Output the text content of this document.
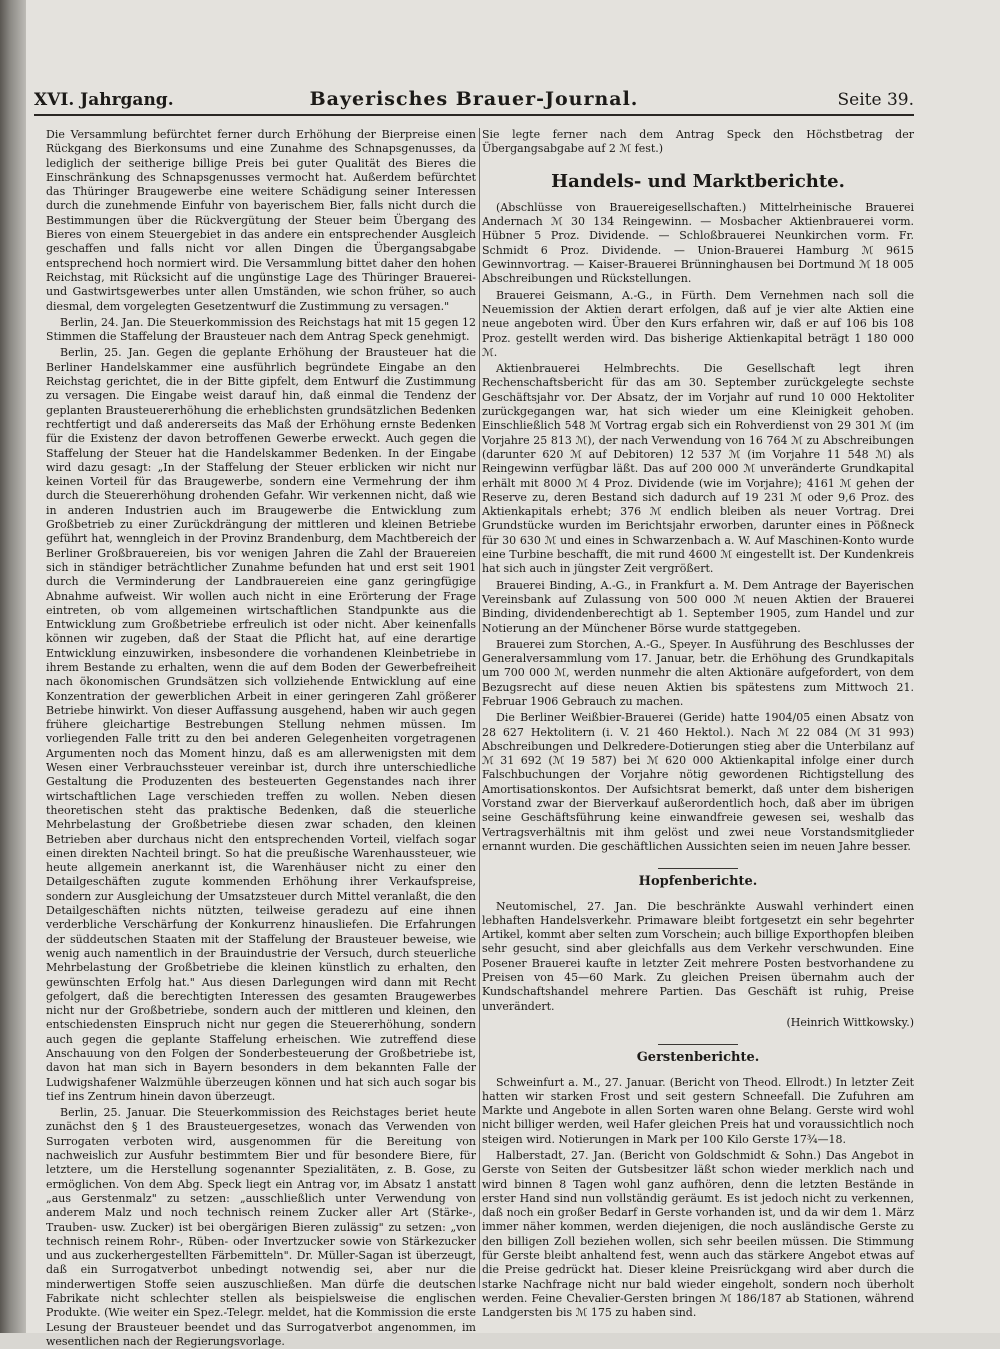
XVI. Jahrgang.	Bayerisches Brauer-Journal.	Seite 39.

Die Versammlung befürchtet ferner durch Erhöhung der Bierpreise einen Rückgang des Bierkonsums und eine Zunahme des Schnapsgenusses, da lediglich der seitherige billige Preis bei guter Qualität des Bieres die Einschränkung des Schnapsgenusses vermocht hat. Außerdem befürchtet das Thüringer Braugewerbe eine weitere Schädigung seiner Interessen durch die zunehmende Einfuhr von bayerischem Bier, falls nicht durch die Bestimmungen über die Rückvergütung der Steuer beim Übergang des Bieres von einem Steuergebiet in das andere ein entsprechender Ausgleich geschaffen und falls nicht vor allen Dingen die Übergangsabgabe entsprechend hoch normiert wird. Die Versammlung bittet daher den hohen Reichstag, mit Rücksicht auf die ungünstige Lage des Thüringer Brauerei- und Gastwirtsgewerbes unter allen Umständen, wie schon früher, so auch diesmal, dem vorgelegten Gesetzentwurf die Zustimmung zu versagen."

Berlin, 24. Jan. Die Steuerkommission des Reichstags hat mit 15 gegen 12 Stimmen die Staffelung der Brausteuer nach dem Antrag Speck genehmigt.

Berlin, 25. Jan. Gegen die geplante Erhöhung der Brausteuer hat die Berliner Handelskammer eine ausführlich begründete Eingabe an den Reichstag gerichtet, die in der Bitte gipfelt, dem Entwurf die Zustimmung zu versagen. Die Eingabe weist darauf hin, daß einmal die Tendenz der geplanten Brausteuererhöhung die erheblichsten grundsätzlichen Bedenken rechtfertigt und daß andererseits das Maß der Erhöhung ernste Bedenken für die Existenz der davon betroffenen Gewerbe erweckt. Auch gegen die Staffelung der Steuer hat die Handelskammer Bedenken. In der Eingabe wird dazu gesagt: „In der Staffelung der Steuer erblicken wir nicht nur keinen Vorteil für das Braugewerbe, sondern eine Vermehrung der ihm durch die Steuererhöhung drohenden Gefahr. Wir verkennen nicht, daß wie in anderen Industrien auch im Braugewerbe die Entwicklung zum Großbetrieb zu einer Zurückdrängung der mittleren und kleinen Betriebe geführt hat, wenngleich in der Provinz Brandenburg, dem Machtbereich der Berliner Großbrauereien, bis vor wenigen Jahren die Zahl der Brauereien sich in ständiger beträchtlicher Zunahme befunden hat und erst seit 1901 durch die Verminderung der Landbrauereien eine ganz geringfügige Abnahme aufweist. Wir wollen auch nicht in eine Erörterung der Frage eintreten, ob vom allgemeinen wirtschaftlichen Standpunkte aus die Entwicklung zum Großbetriebe erfreulich ist oder nicht. Aber keinenfalls können wir zugeben, daß der Staat die Pflicht hat, auf eine derartige Entwicklung einzuwirken, insbesondere die vorhandenen Kleinbetriebe in ihrem Bestande zu erhalten, wenn die auf dem Boden der Gewerbefreiheit nach ökonomischen Grundsätzen sich vollziehende Entwicklung auf eine Konzentration der gewerblichen Arbeit in einer geringeren Zahl größerer Betriebe hinwirkt. Von dieser Auffassung ausgehend, haben wir auch gegen frühere gleichartige Bestrebungen Stellung nehmen müssen. Im vorliegenden Falle tritt zu den bei anderen Gelegenheiten vorgetragenen Argumenten noch das Moment hinzu, daß es am allerwenigsten mit dem Wesen einer Verbrauchssteuer vereinbar ist, durch ihre unterschiedliche Gestaltung die Produzenten des besteuerten Gegenstandes nach ihrer wirtschaftlichen Lage verschieden treffen zu wollen. Neben diesen theoretischen steht das praktische Bedenken, daß die steuerliche Mehrbelastung der Großbetriebe diesen zwar schaden, den kleinen Betrieben aber durchaus nicht den entsprechenden Vorteil, vielfach sogar einen direkten Nachteil bringt. So hat die preußische Warenhaussteuer, wie heute allgemein anerkannt ist, die Warenhäuser nicht zu einer den Detailgeschäften zugute kommenden Erhöhung ihrer Verkaufspreise, sondern zur Ausgleichung der Umsatzsteuer durch Mittel veranlaßt, die den Detailgeschäften nichts nützten, teilweise geradezu auf eine ihnen verderbliche Verschärfung der Konkurrenz hinausliefen. Die Erfahrungen der süddeutschen Staaten mit der Staffelung der Brausteuer beweise, wie wenig auch namentlich in der Brauindustrie der Versuch, durch steuerliche Mehrbelastung der Großbetriebe die kleinen künstlich zu erhalten, den gewünschten Erfolg hat." Aus diesen Darlegungen wird dann mit Recht gefolgert, daß die berechtigten Interessen des gesamten Braugewerbes nicht nur der Großbetriebe, sondern auch der mittleren und kleinen, den entschiedensten Einspruch nicht nur gegen die Steuererhöhung, sondern auch gegen die geplante Staffelung erheischen. Wie zutreffend diese Anschauung von den Folgen der Sonderbesteuerung der Großbetriebe ist, davon hat man sich in Bayern besonders in dem bekannten Falle der Ludwigshafener Walzmühle überzeugen können und hat sich auch sogar bis tief ins Zentrum hinein davon überzeugt.

Berlin, 25. Januar. Die Steuerkommission des Reichstages beriet heute zunächst den § 1 des Brausteuergesetzes, wonach das Verwenden von Surrogaten verboten wird, ausgenommen für die Bereitung von nachweislich zur Ausfuhr bestimmtem Bier und für besondere Biere, für letztere, um die Herstellung sogenannter Spezialitäten, z. B. Gose, zu ermöglichen. Von dem Abg. Speck liegt ein Antrag vor, im Absatz 1 anstatt „aus Gerstenmalz" zu setzen: „ausschließlich unter Verwendung von anderem Malz und noch technisch reinem Zucker aller Art (Stärke-, Trauben- usw. Zucker) ist bei obergärigen Bieren zulässig" zu setzen: „von technisch reinem Rohr-, Rüben- oder Invertzucker sowie von Stärkezucker und aus zuckerhergestellten Färbemitteln". Dr. Müller-Sagan ist überzeugt, daß ein Surrogatverbot unbedingt notwendig sei, aber nur die minderwertigen Stoffe seien auszuschließen. Man dürfe die deutschen Fabrikate nicht schlechter stellen als beispielsweise die englischen Produkte. (Wie weiter ein Spez.-Telegr. meldet, hat die Kommission die erste Lesung der Brausteuer beendet und das Surrogatverbot angenommen, im wesentlichen nach der Regierungsvorlage.

Sie legte ferner nach dem Antrag Speck den Höchstbetrag der Übergangsabgabe auf 2 ℳ fest.)

Handels- und Marktberichte.

(Abschlüsse von Brauereigesellschaften.) Mittelrheinische Brauerei Andernach ℳ 30 134 Reingewinn. — Mosbacher Aktienbrauerei vorm. Hübner 5 Proz. Dividende. — Schloßbrauerei Neunkirchen vorm. Fr. Schmidt 6 Proz. Dividende. — Union-Brauerei Hamburg ℳ 9615 Gewinnvortrag. — Kaiser-Brauerei Brünninghausen bei Dortmund ℳ 18 005 Abschreibungen und Rückstellungen.

Brauerei Geismann, A.-G., in Fürth. Dem Vernehmen nach soll die Neuemission der Aktien derart erfolgen, daß auf je vier alte Aktien eine neue angeboten wird. Über den Kurs erfahren wir, daß er auf 106 bis 108 Proz. gestellt werden wird. Das bisherige Aktienkapital beträgt 1 180 000 ℳ.

Aktienbrauerei Helmbrechts. Die Gesellschaft legt ihren Rechenschaftsbericht für das am 30. September zurückgelegte sechste Geschäftsjahr vor. Der Absatz, der im Vorjahr auf rund 10 000 Hektoliter zurückgegangen war, hat sich wieder um eine Kleinigkeit gehoben. Einschließlich 548 ℳ Vortrag ergab sich ein Rohverdienst von 29 301 ℳ (im Vorjahre 25 813 ℳ), der nach Verwendung von 16 764 ℳ zu Abschreibungen (darunter 620 ℳ auf Debitoren) 12 537 ℳ (im Vorjahre 11 548 ℳ) als Reingewinn verfügbar läßt. Das auf 200 000 ℳ unveränderte Grundkapital erhält mit 8000 ℳ 4 Proz. Dividende (wie im Vorjahre); 4161 ℳ gehen der Reserve zu, deren Bestand sich dadurch auf 19 231 ℳ oder 9,6 Proz. des Aktienkapitals erhebt; 376 ℳ endlich bleiben als neuer Vortrag. Drei Grundstücke wurden im Berichtsjahr erworben, darunter eines in Pößneck für 30 630 ℳ und eines in Schwarzenbach a. W. Auf Maschinen-Konto wurde eine Turbine beschafft, die mit rund 4600 ℳ eingestellt ist. Der Kundenkreis hat sich auch in jüngster Zeit vergrößert.

Brauerei Binding, A.-G., in Frankfurt a. M. Dem Antrage der Bayerischen Vereinsbank auf Zulassung von 500 000 ℳ neuen Aktien der Brauerei Binding, dividendenberechtigt ab 1. September 1905, zum Handel und zur Notierung an der Münchener Börse wurde stattgegeben.

Brauerei zum Storchen, A.-G., Speyer. In Ausführung des Beschlusses der Generalversammlung vom 17. Januar, betr. die Erhöhung des Grundkapitals um 700 000 ℳ, werden nunmehr die alten Aktionäre aufgefordert, von dem Bezugsrecht auf diese neuen Aktien bis spätestens zum Mittwoch 21. Februar 1906 Gebrauch zu machen.

Die Berliner Weißbier-Brauerei (Geride) hatte 1904/05 einen Absatz von 28 627 Hektolitern (i. V. 21 460 Hektol.). Nach ℳ 22 084 (ℳ 31 993) Abschreibungen und Delkredere-Dotierungen stieg aber die Unterbilanz auf ℳ 31 692 (ℳ 19 587) bei ℳ 620 000 Aktienkapital infolge einer durch Falschbuchungen der Vorjahre nötig gewordenen Richtigstellung des Amortisationskontos. Der Aufsichtsrat bemerkt, daß unter dem bisherigen Vorstand zwar der Bierverkauf außerordentlich hoch, daß aber im übrigen seine Geschäftsführung keine einwandfreie gewesen sei, weshalb das Vertragsverhältnis mit ihm gelöst und zwei neue Vorstandsmitglieder ernannt wurden. Die geschäftlichen Aussichten seien im neuen Jahre besser.

Hopfenberichte.

Neutomischel, 27. Jan. Die beschränkte Auswahl verhindert einen lebhaften Handelsverkehr. Primaware bleibt fortgesetzt ein sehr begehrter Artikel, kommt aber selten zum Vorschein; auch billige Exporthopfen bleiben sehr gesucht, sind aber gleichfalls aus dem Verkehr verschwunden. Eine Posener Brauerei kaufte in letzter Zeit mehrere Posten bestvorhandene zu Preisen von 45—60 Mark. Zu gleichen Preisen übernahm auch der Kundschaftshandel mehrere Partien. Das Geschäft ist ruhig, Preise unverändert.

(Heinrich Wittkowsky.)

Gerstenberichte.

Schweinfurt a. M., 27. Januar. (Bericht von Theod. Ellrodt.) In letzter Zeit hatten wir starken Frost und seit gestern Schneefall. Die Zufuhren am Markte und Angebote in allen Sorten waren ohne Belang. Gerste wird wohl nicht billiger werden, weil Hafer gleichen Preis hat und voraussichtlich noch steigen wird. Notierungen in Mark per 100 Kilo Gerste 17¾—18.

Halberstadt, 27. Jan. (Bericht von Goldschmidt & Sohn.) Das Angebot in Gerste von Seiten der Gutsbesitzer läßt schon wieder merklich nach und wird binnen 8 Tagen wohl ganz aufhören, denn die letzten Bestände in erster Hand sind nun vollständig geräumt. Es ist jedoch nicht zu verkennen, daß noch ein großer Bedarf in Gerste vorhanden ist, und da wir dem 1. März immer näher kommen, werden diejenigen, die noch ausländische Gerste zu den billigen Zoll beziehen wollen, sich sehr beeilen müssen. Die Stimmung für Gerste bleibt anhaltend fest, wenn auch das stärkere Angebot etwas auf die Preise gedrückt hat. Dieser kleine Preisrückgang wird aber durch die starke Nachfrage nicht nur bald wieder eingeholt, sondern noch überholt werden. Feine Chevalier-Gersten bringen ℳ 186/187 ab Stationen, während Landgersten bis ℳ 175 zu haben sind.
